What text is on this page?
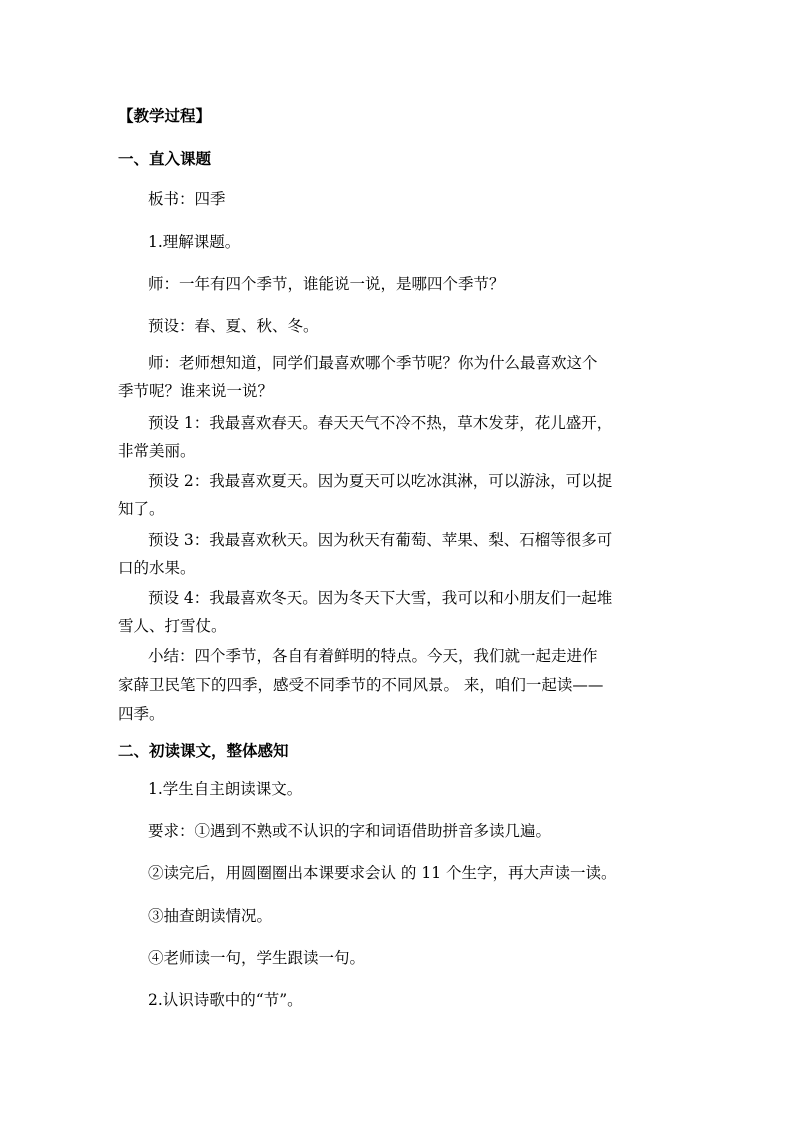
【教学过程】
一、直入课题
板书：四季
1.理解课题。
师：一年有四个季节，谁能说一说，是哪四个季节？
预设：春、夏、秋、冬。
师：老师想知道，同学们最喜欢哪个季节呢？你为什么最喜欢这个
季节呢？谁来说一说？
预设 1：我最喜欢春天。春天天气不冷不热，草木发芽，花儿盛开，
非常美丽。
预设 2：我最喜欢夏天。因为夏天可以吃冰淇淋，可以游泳，可以捉
知了。
预设 3：我最喜欢秋天。因为秋天有葡萄、苹果、梨、石榴等很多可
口的水果。
预设 4：我最喜欢冬天。因为冬天下大雪，我可以和小朋友们一起堆
雪人、打雪仗。
小结：四个季节，各自有着鲜明的特点。今天，我们就一起走进作
家薛卫民笔下的四季，感受不同季节的不同风景。 来，咱们一起读——
四季。
二、初读课文，整体感知
1.学生自主朗读课文。
要求：①遇到不熟或不认识的字和词语借助拼音多读几遍。
②读完后，用圆圈圈出本课要求会认 的 11 个生字，再大声读一读。
③抽查朗读情况。
④老师读一句，学生跟读一句。
2.认识诗歌中的“节”。
